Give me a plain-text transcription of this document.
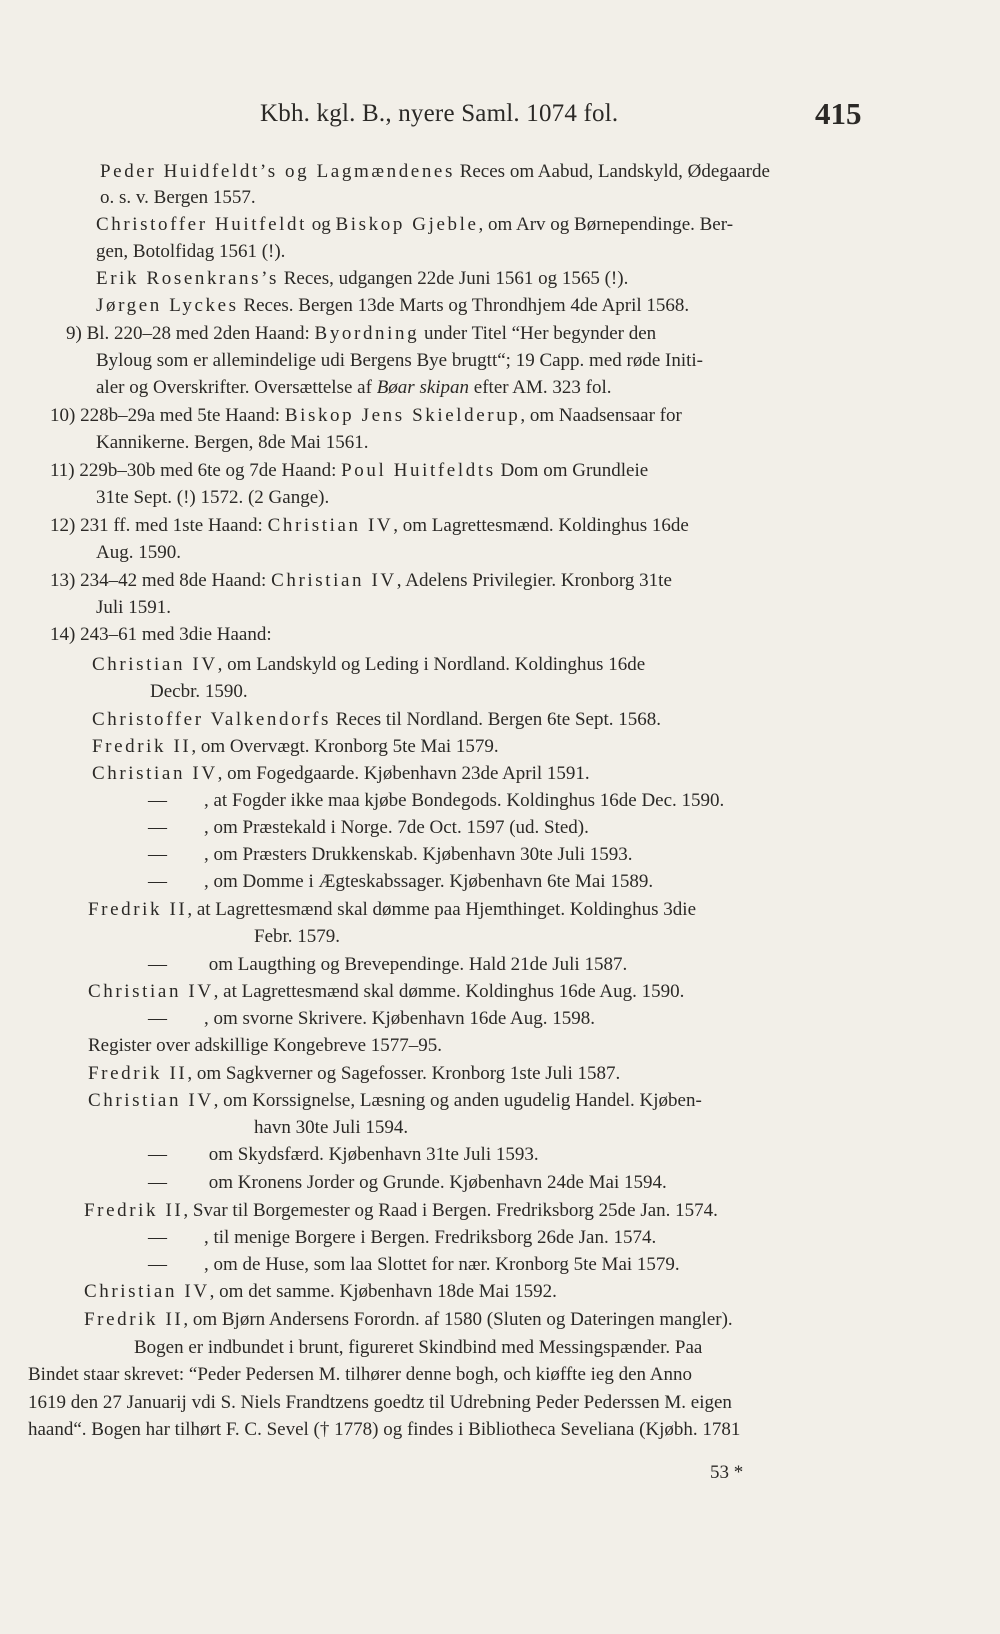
Kbh. kgl. B., nyere Saml. 1074 fol.	415
Peder Huidfeldt’s og Lagmændenes Reces om Aabud, Landskyld, Ødegaarde
o. s. v. Bergen 1557.
Christoffer Huitfeldt og Biskop Gjeble, om Arv og Børnependinge. Ber-
gen, Botolfidag 1561 (!).
Erik Rosenkrans’s Reces, udgangen 22de Juni 1561 og 1565 (!).
Jørgen Lyckes Reces. Bergen 13de Marts og Throndhjem 4de April 1568.
9) Bl. 220–28 med 2den Haand: Byordning under Titel “Her begynder den
Byloug som er allemindelige udi Bergens Bye brugtt“; 19 Capp. med røde Initi-
aler og Overskrifter. Oversættelse af Bøar skipan efter AM. 323 fol.
10) 228b–29a med 5te Haand: Biskop Jens Skielderup, om Naadsensaar for
Kannikerne. Bergen, 8de Mai 1561.
11) 229b–30b med 6te og 7de Haand: Poul Huitfeldts Dom om Grundleie
31te Sept. (!) 1572. (2 Gange).
12) 231 ff. med 1ste Haand: Christian IV, om Lagrettesmænd. Koldinghus 16de
Aug. 1590.
13) 234–42 med 8de Haand: Christian IV, Adelens Privilegier. Kronborg 31te
Juli 1591.
14) 243–61 med 3die Haand:
Christian IV, om Landskyld og Leding i Nordland. Koldinghus 16de
Decbr. 1590.
Christoffer Valkendorfs Reces til Nordland. Bergen 6te Sept. 1568.
Fredrik II, om Overvægt. Kronborg 5te Mai 1579.
Christian IV, om Fogedgaarde. Kjøbenhavn 23de April 1591.
— , at Fogder ikke maa kjøbe Bondegods. Koldinghus 16de Dec. 1590.
— , om Præstekald i Norge. 7de Oct. 1597 (ud. Sted).
— , om Præsters Drukkenskab. Kjøbenhavn 30te Juli 1593.
— , om Domme i Ægteskabssager. Kjøbenhavn 6te Mai 1589.
Fredrik II, at Lagrettesmænd skal dømme paa Hjemthinget. Koldinghus 3die
Febr. 1579.
— om Laugthing og Brevependinge. Hald 21de Juli 1587.
Christian IV, at Lagrettesmænd skal dømme. Koldinghus 16de Aug. 1590.
— , om svorne Skrivere. Kjøbenhavn 16de Aug. 1598.
Register over adskillige Kongebreve 1577–95.
Fredrik II, om Sagkverner og Sagefosser. Kronborg 1ste Juli 1587.
Christian IV, om Korssignelse, Læsning og anden ugudelig Handel. Kjøben-
havn 30te Juli 1594.
— om Skydsfærd. Kjøbenhavn 31te Juli 1593.
— om Kronens Jorder og Grunde. Kjøbenhavn 24de Mai 1594.
Fredrik II, Svar til Borgemester og Raad i Bergen. Fredriksborg 25de Jan. 1574.
— , til menige Borgere i Bergen. Fredriksborg 26de Jan. 1574.
— , om de Huse, som laa Slottet for nær. Kronborg 5te Mai 1579.
Christian IV, om det samme. Kjøbenhavn 18de Mai 1592.
Fredrik II, om Bjørn Andersens Forordn. af 1580 (Sluten og Dateringen mangler).
Bogen er indbundet i brunt, figureret Skindbind med Messingspænder. Paa
Bindet staar skrevet: “Peder Pedersen M. tilhører denne bogh, och kiøffte ieg den Anno
1619 den 27 Januarij vdi S. Niels Frandtzens goedtz til Udrebning Peder Pederssen M. eigen
haand“. Bogen har tilhørt F. C. Sevel († 1778) og findes i Bibliotheca Seveliana (Kjøbh. 1781
53 *
